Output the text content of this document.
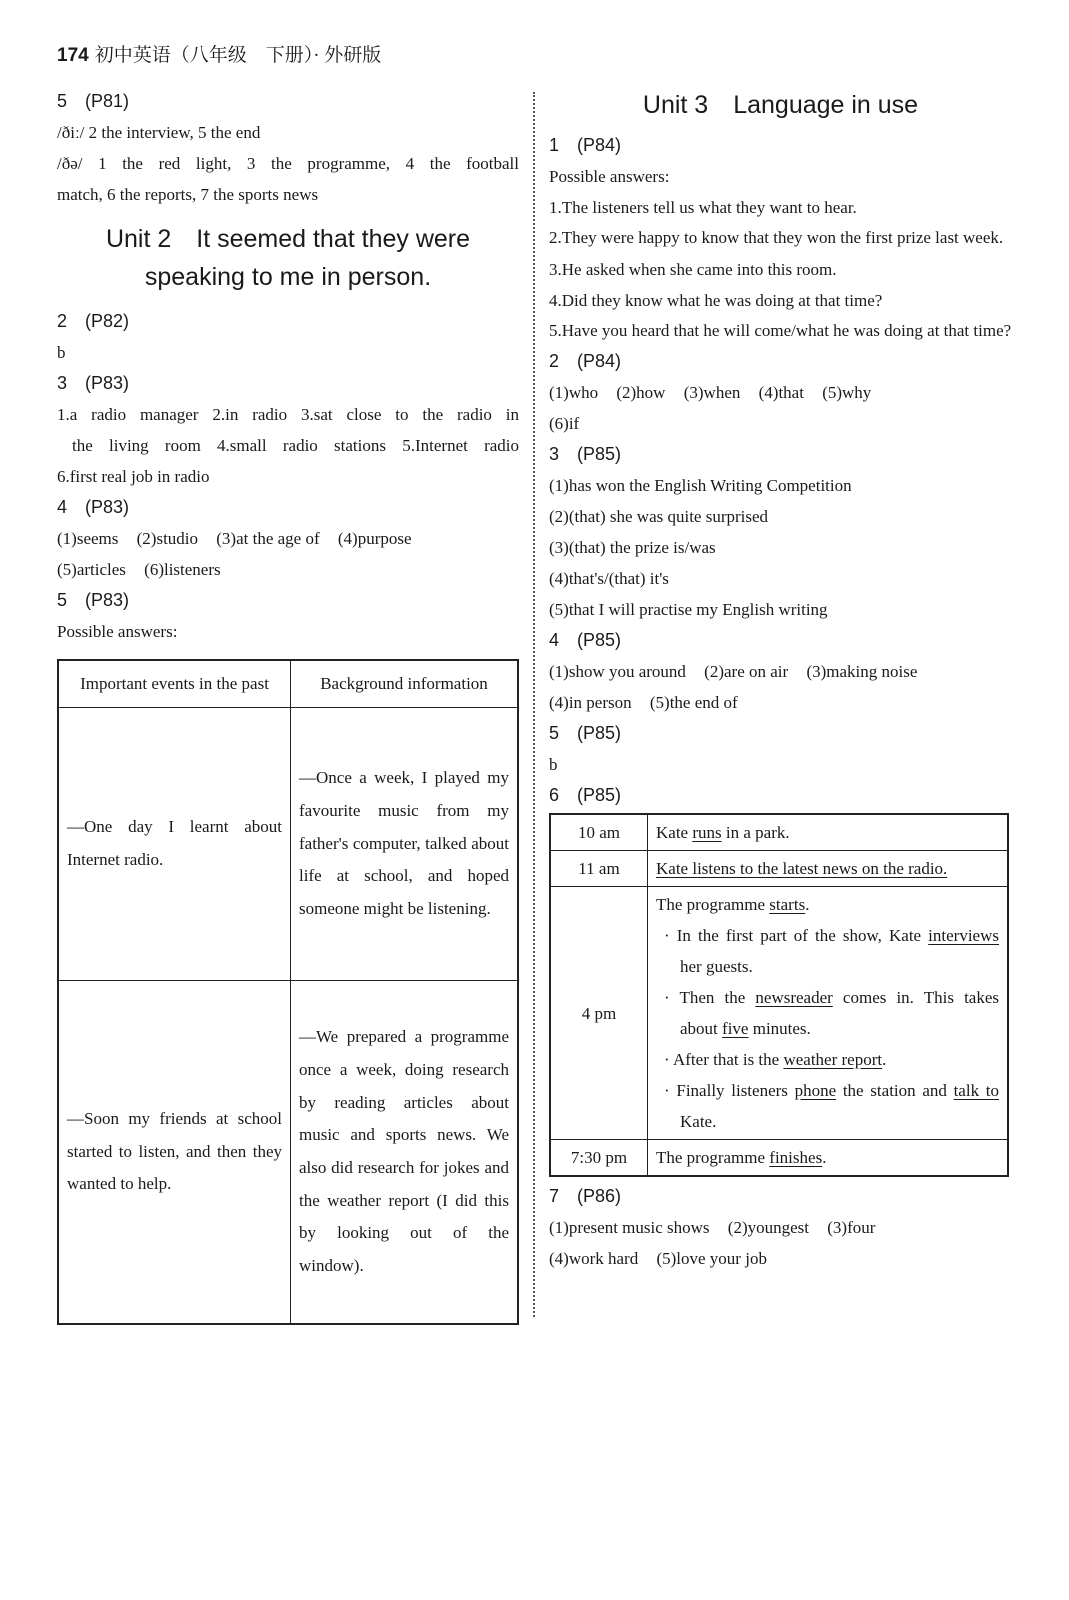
174 初中英语（八年级　下册）· 外研版
5　(P81)
/ðiː/ 2 the interview, 5 the end
/ðə/ 1 the red light, 3 the programme, 4 the football
match, 6 the reports, 7 the sports news
Unit 2　It seemed that they were
speaking to me in person.
2　(P82)
b
3　(P83)
1.a radio manager 2.in radio 3.sat close to the radio in
the living room 4.small radio stations 5.Internet radio
6.first real job in radio
4　(P83)
(1)seems (2)studio (3)at the age of (4)purpose
(5)articles (6)listeners
5　(P83)
Possible answers:
Important events in the past	Background information
—One day I learnt about Internet radio.	—Once a week, I played my favourite music from my father's computer, talked about life at school, and hoped someone might be listening.
—Soon my friends at school started to listen, and then they wanted to help.	—We prepared a programme once a week, doing research by reading articles about music and sports news. We also did research for jokes and the weather report (I did this by looking out of the window).
Unit 3　Language in use
1　(P84)
Possible answers:
1.The listeners tell us what they want to hear.
2.They were happy to know that they won the first prize last week.
3.He asked when she came into this room.
4.Did they know what he was doing at that time?
5.Have you heard that he will come/what he was doing at that time?
2　(P84)
(1)who (2)how (3)when (4)that (5)why
(6)if
3　(P85)
(1)has won the English Writing Competition
(2)(that) she was quite surprised
(3)(that) the prize is/was
(4)that's/(that) it's
(5)that I will practise my English writing
4　(P85)
(1)show you around (2)are on air (3)making noise
(4)in person (5)the end of
5　(P85)
b
6　(P85)
10 am	Kate runs in a park.
11 am	Kate listens to the latest news on the radio.
4 pm	The programme starts.
· In the first part of the show, Kate interviews her guests.
· Then the newsreader comes in. This takes about five minutes.
· After that is the weather report.
· Finally listeners phone the station and talk to Kate.

7:30 pm	The programme finishes.
7　(P86)
(1)present music shows (2)youngest (3)four
(4)work hard (5)love your job
